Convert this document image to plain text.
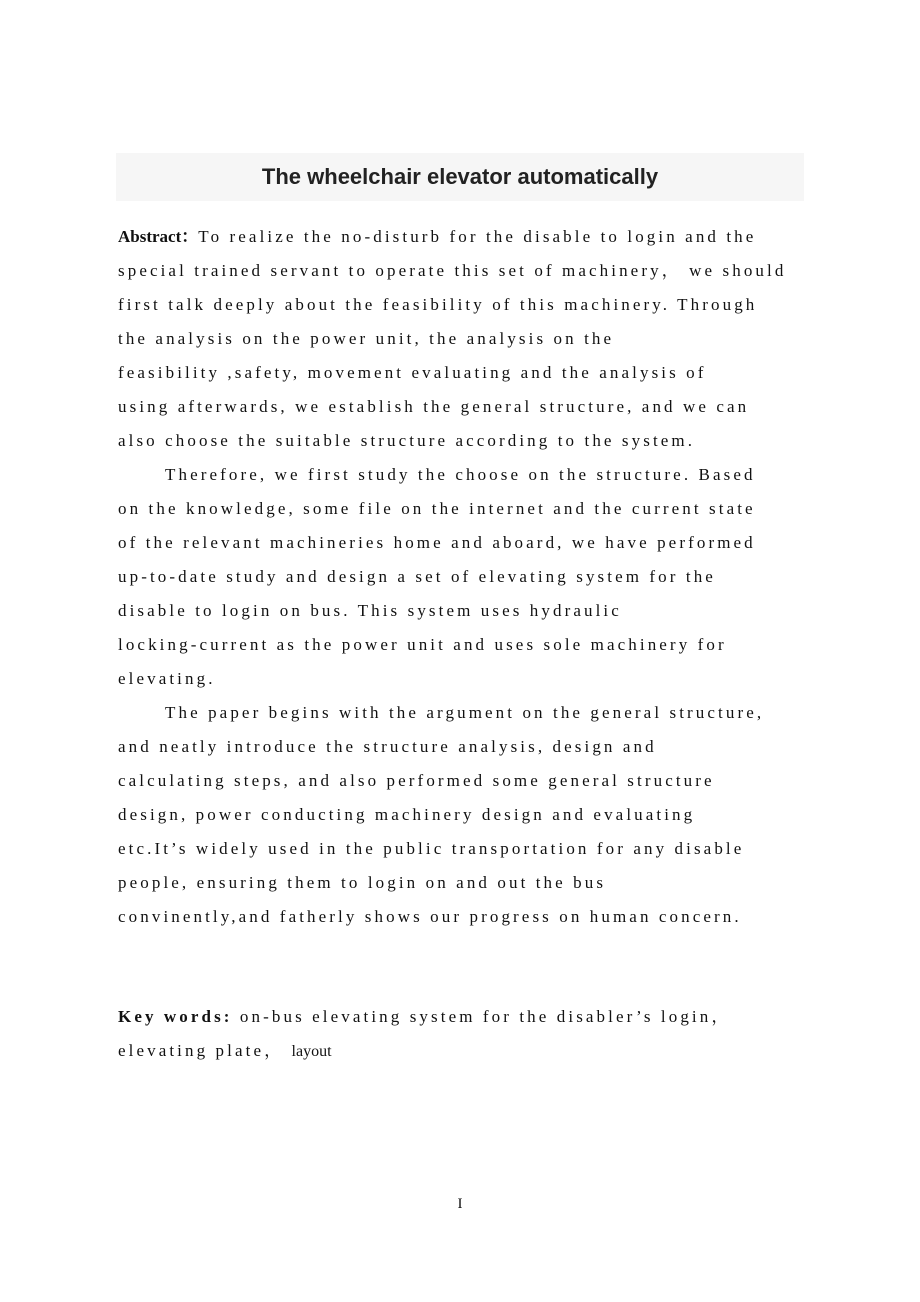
The wheelchair elevator automatically
Abstract：To realize the no-disturb for the disable to login and the
special trained servant to operate this set of machinery， we should
first talk deeply about the feasibility of this machinery. Through
the analysis on the power unit, the analysis on the
feasibility ,safety, movement evaluating and the analysis of
using afterwards, we establish the general structure, and we can
also choose the suitable structure according to the system.
Therefore, we first study the choose on the structure. Based
on the knowledge, some file on the internet and the current state
of the relevant machineries home and aboard, we have performed
up-to-date study and design a set of elevating system for the
disable to login on bus. This system uses hydraulic
locking-current as the power unit and uses sole machinery for
elevating.
The paper begins with the argument on the general structure,
and neatly introduce the structure analysis, design and
calculating steps, and also performed some general structure
design, power conducting machinery design and evaluating
etc.It’s widely used in the public transportation for any disable
people, ensuring them to login on and out the bus
convinently,and fatherly shows our progress on human concern.
Key words: on-bus elevating system for the disabler’s login，
elevating plate， layout
I
